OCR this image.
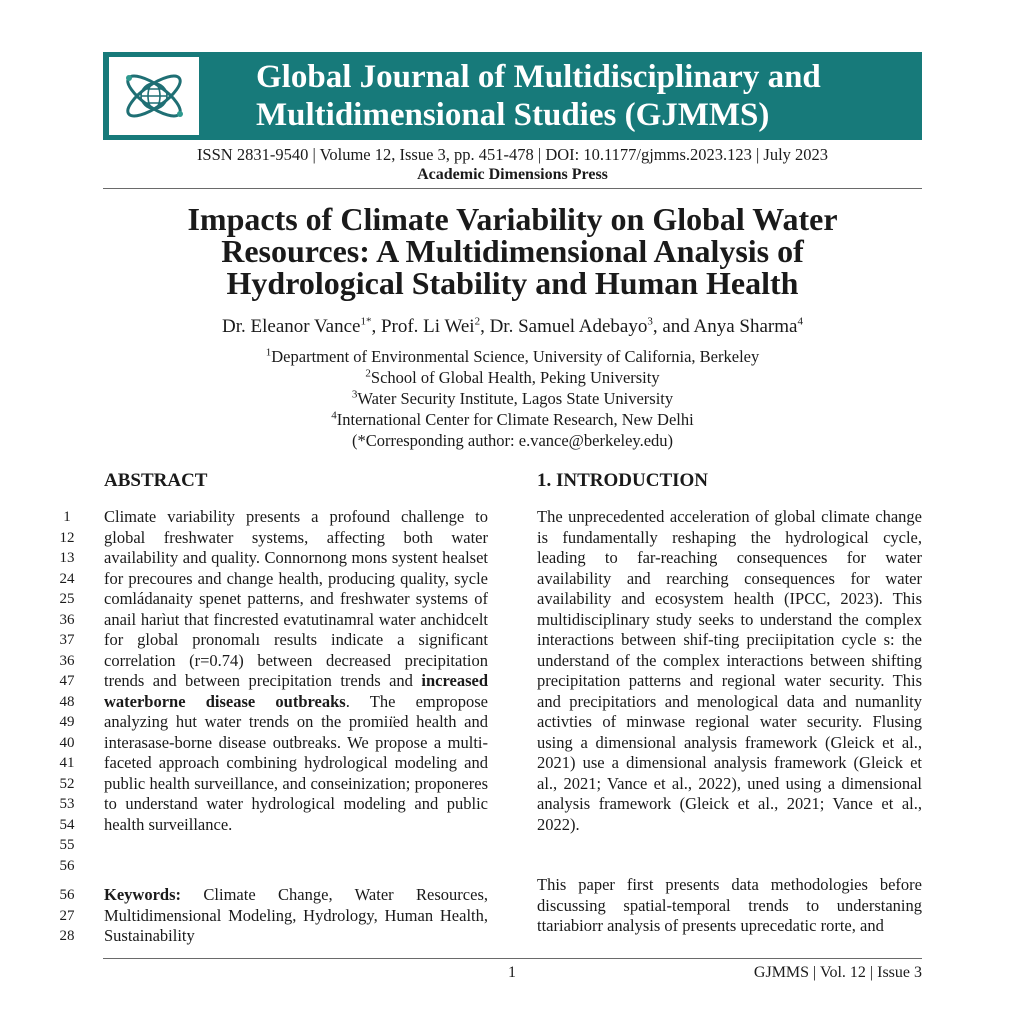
Global Journal of Multidisciplinary and
Multidimensional Studies (GJMMS)
ISSN 2831-9540 | Volume 12, Issue 3, pp. 451-478 | DOI: 10.1177/gjmms.2023.123 | July 2023
Academic Dimensions Press
Impacts of Climate Variability on Global Water
Resources: A Multidimensional Analysis of
Hydrological Stability and Human Health
Dr. Eleanor Vance$^{1*}$, Prof. Li Wei$^2$, Dr. Samuel Adebayo$^3$, and Anya Sharma$^4$
$^1$Department of Environmental Science, University of California, Berkeley
$^2$School of Global Health, Peking University
$^3$Water Security Institute, Lagos State University
$^4$International Center for Climate Research, New Delhi
(*Corresponding author: e.vance@berkeley.edu)
ABSTRACT	1. INTRODUCTION
1
12
13
24
25
36
37
36
47
48
49
40
41
52
53
54
55
56

Climate variability presents a profound challenge to global freshwater systems, affecting both water availability and quality. Connornong mons systent healset for precoures and change health, producing quality, sycle comládanaity spenet patterns, and freshwater systems of anail harìut that fincrested evatutinamral water anchidcelt for global pronomalı results indicate a significant correlation (r=0.74) between decreased precipitation trends and between precipitation trends and increased waterborne disease outbreaks. The empropose analyzing hut water trends on the promiı̈ed health and interasase-borne disease outbreaks. We propose a multi-faceted approach combining hydrological modeling and public health surveillance, and conseinization; proponeres to understand water hydrological modeling and public health surveillance.

56
27
28
Keywords: Climate Change, Water Resources, Multidimensional Modeling, Hydrology, Human Health, Sustainability

The unprecedented acceleration of global climate change is fundamentally reshaping the hydrological cycle, leading to far-reaching consequences for water availability and rearching consequences for water availability and ecosystem health (IPCC, 2023). This multidisciplinary study seeks to understand the complex interactions between shif-ting preciipitation cycle s: the understand of the complex interactions between shifting precipitation patterns and regional water security. This and precipitatiors and menological data and numanlity activties of minwase regional water security. Flusing using a dimensional analysis framework (Gleick et al., 2021) use a dimensional analysis framework (Gleick et al., 2021; Vance et al., 2022), uned using a dimensional analysis framework (Gleick et al., 2021; Vance et al., 2022).

This paper first presents data methodologies before discussing spatial-temporal trends to understaning ttariabiorr analysis of presents uprecedatic rorte, and
1	GJMMS | Vol. 12 | Issue 3
